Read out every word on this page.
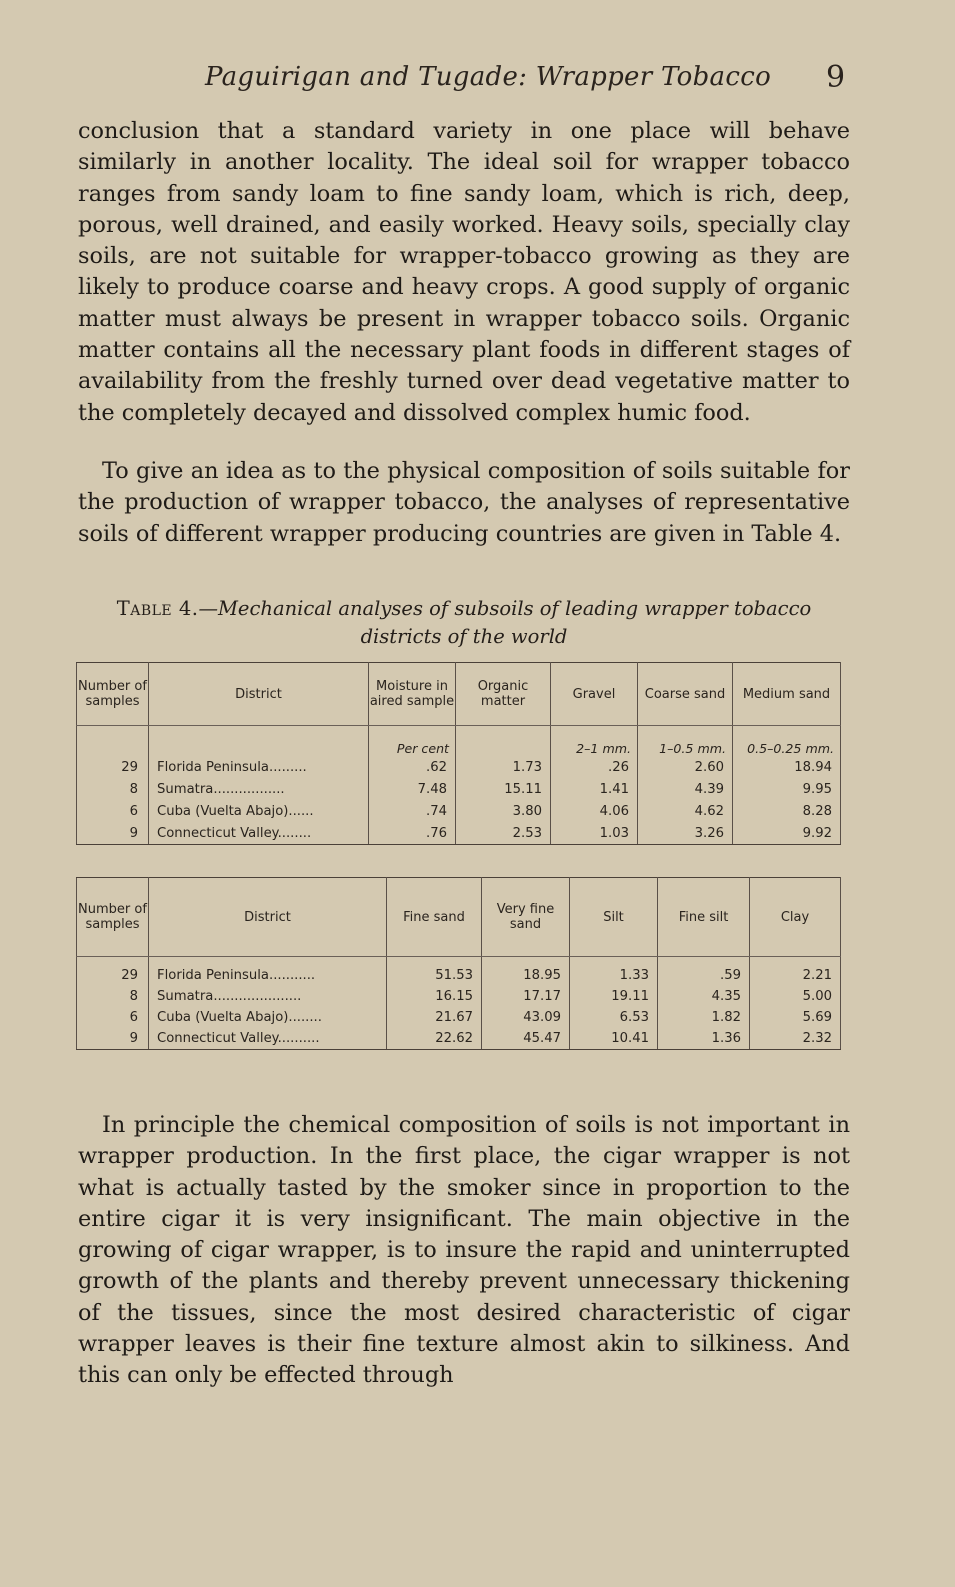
Paguirigan and Tugade: Wrapper Tobacco 9

conclusion that a standard variety in one place will behave similarly in another locality. The ideal soil for wrapper tobacco ranges from sandy loam to fine sandy loam, which is rich, deep, porous, well drained, and easily worked. Heavy soils, specially clay soils, are not suitable for wrapper-tobacco growing as they are likely to produce coarse and heavy crops. A good supply of organic matter must always be present in wrapper tobacco soils. Organic matter contains all the necessary plant foods in different stages of availability from the freshly turned over dead vegetative matter to the completely decayed and dissolved complex humic food.

To give an idea as to the physical composition of soils suitable for the production of wrapper tobacco, the analyses of representative soils of different wrapper producing countries are given in Table 4.

Table 4.—Mechanical analyses of subsoils of leading wrapper tobacco districts of the world
Number of samples	District	Moisture in aired sample	Organic matter	Gravel	Coarse sand	Medium sand
		Per cent		2–1 mm.	1–0.5 mm.	0.5–0.25 mm.
29	Florida Peninsula.........	.62	1.73	.26	2.60	18.94
8	Sumatra.................	7.48	15.11	1.41	4.39	9.95
6	Cuba (Vuelta Abajo)......	.74	3.80	4.06	4.62	8.28
9	Connecticut Valley........	.76	2.53	1.03	3.26	9.92
Number of samples	District	Fine sand	Very fine sand	Silt	Fine silt	Clay

29	Florida Peninsula...........	51.53	18.95	1.33	.59	2.21
8	Sumatra.....................	16.15	17.17	19.11	4.35	5.00
6	Cuba (Vuelta Abajo)........	21.67	43.09	6.53	1.82	5.69
9	Connecticut Valley..........	22.62	45.47	10.41	1.36	2.32

In principle the chemical composition of soils is not important in wrapper production. In the first place, the cigar wrapper is not what is actually tasted by the smoker since in proportion to the entire cigar it is very insignificant. The main objective in the growing of cigar wrapper, is to insure the rapid and uninterrupted growth of the plants and thereby prevent unnecessary thickening of the tissues, since the most desired characteristic of cigar wrapper leaves is their fine texture almost akin to silkiness. And this can only be effected through
